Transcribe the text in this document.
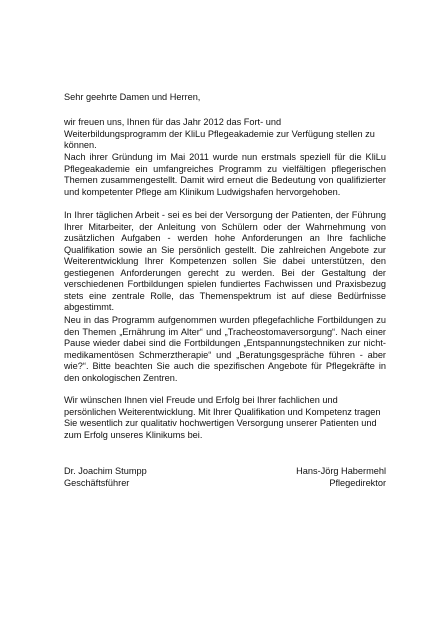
Sehr geehrte Damen und Herren,
wir freuen uns, Ihnen für das Jahr 2012 das Fort- und Weiterbildungsprogramm der KliLu Pflegeakademie zur Verfügung stellen zu können.
Nach ihrer Gründung im Mai 2011 wurde nun erstmals speziell für die KliLu Pflegeakademie ein umfangreiches Programm zu vielfältigen pflegerischen Themen zusammengestellt. Damit wird erneut die Bedeutung von qualifizierter und kompetenter Pflege am Klinikum Ludwigshafen hervorgehoben.
In Ihrer täglichen Arbeit - sei es bei der Versorgung der Patienten, der Führung Ihrer Mitarbeiter, der Anleitung von Schülern oder der Wahrnehmung von zusätzlichen Aufgaben - werden hohe Anforderungen an Ihre fachliche Qualifikation sowie an Sie persönlich gestellt. Die zahlreichen Angebote zur Weiterentwicklung Ihrer Kompetenzen sollen Sie dabei unterstützen, den gestiegenen Anforderungen gerecht zu werden. Bei der Gestaltung der verschiedenen Fortbildungen spielen fundiertes Fachwissen und Praxisbezug stets eine zentrale Rolle, das Themenspektrum ist auf diese Bedürfnisse abgestimmt.
Neu in das Programm aufgenommen wurden pflegefachliche Fortbildungen zu den Themen „Ernährung im Alter“ und „Tracheostomaversorgung“. Nach einer Pause wieder dabei sind die Fortbildungen „Entspannungstechniken zur nicht-medikamentösen Schmerztherapie“ und „Beratungsgespräche führen - aber wie?“. Bitte beachten Sie auch die spezifischen Angebote für Pflegekräfte in den onkologischen Zentren.
Wir wünschen Ihnen viel Freude und Erfolg bei Ihrer fachlichen und persönlichen Weiterentwicklung. Mit Ihrer Qualifikation und Kompetenz tragen Sie wesentlich zur qualitativ hochwertigen Versorgung unserer Patienten und zum Erfolg unseres Klinikums bei.
Dr. Joachim Stumpp
Geschäftsführer
Hans-Jörg Habermehl
Pflegedirektor
